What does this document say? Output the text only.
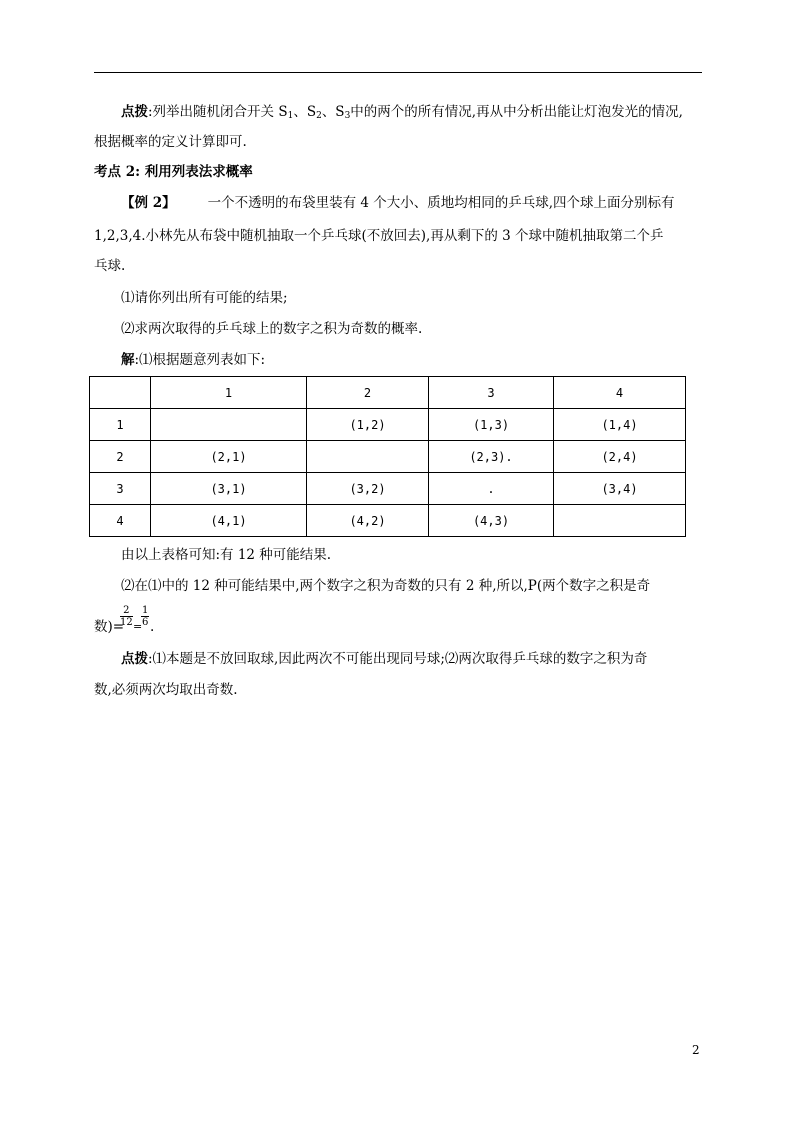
点拨:列举出随机闭合开关 $S_1$、$S_2$、$S_3$中的两个的所有情况,再从中分析出能让灯泡发光的情况,
根据概率的定义计算即可.
考点 2: 利用列表法求概率
【例 2】 一个不透明的布袋里装有 4 个大小、质地均相同的乒乓球,四个球上面分别标有
1,2,3,4.小林先从布袋中随机抽取一个乒乓球(不放回去),再从剩下的 3 个球中随机抽取第二个乒
乓球.
⑴请你列出所有可能的结果;
⑵求两次取得的乒乓球上的数字之积为奇数的概率.
解:⑴根据题意列表如下:
	1	2	3	4
1		(1,2)	(1,3)	(1,4)
2	(2,1)		(2,3).	(2,4)
3	(3,1)	(3,2)	.	(3,4)
4	(4,1)	(4,2)	(4,3)	
由以上表格可知:有 12 种可能结果.
⑵在⑴中的 12 种可能结果中,两个数字之积为奇数的只有 2 种,所以,P(两个数字之积是奇
数)=
$\frac{2}{12}$ =
$\frac{1}{6}$ .
点拨:⑴本题是不放回取球,因此两次不可能出现同号球;⑵两次取得乒乓球的数字之积为奇
数,必须两次均取出奇数.
2
